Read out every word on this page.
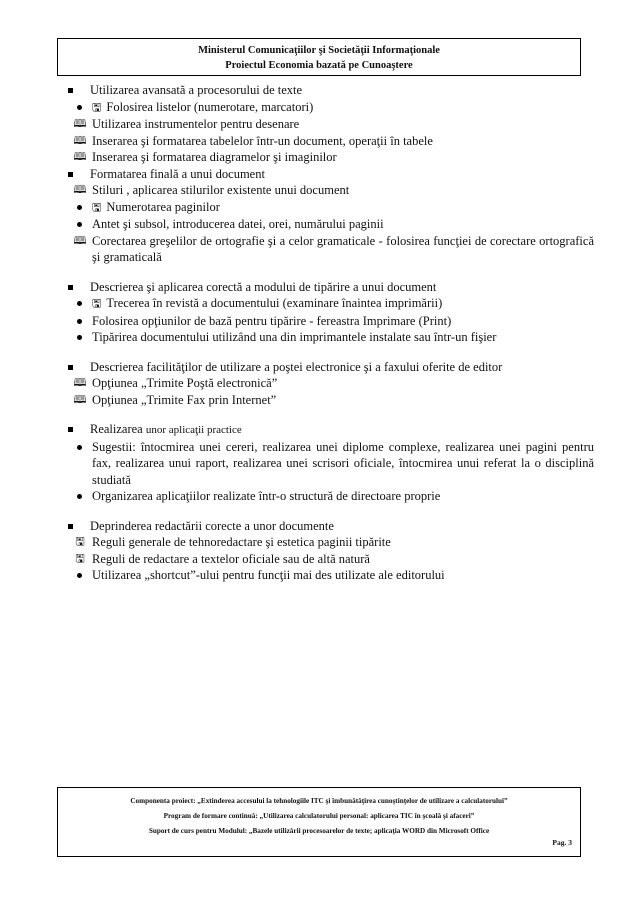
Ministerul Comunicaţiilor şi Societăţii Informaţionale
Proiectul Economia bazată pe Cunoaştere
Utilizarea avansată a procesorului de texte
🖫 Folosirea listelor (numerotare, marcatori)
🕮 Utilizarea instrumentelor pentru desenare
🕮 Inserarea şi formatarea tabelelor într-un document, operaţii în tabele
🕮 Inserarea şi formatarea diagramelor şi imaginilor
Formatarea finală a unui document
🕮 Stiluri , aplicarea stilurilor existente unui document
🖫 Numerotarea paginilor
Antet şi subsol, introducerea datei, orei, numărului paginii
🕮 Corectarea greşelilor de ortografie şi a celor gramaticale - folosirea funcţiei de corectare ortografică şi gramaticală
Descrierea şi aplicarea corectă a modului de tipărire a unui document
🖫 Trecerea în revistă a documentului (examinare înaintea imprimării)
Folosirea opţiunilor de bază pentru tipărire - fereastra Imprimare (Print)
Tipărirea documentului utilizând una din imprimantele instalate sau într-un fişier
Descrierea facilităţilor de utilizare a poştei electronice şi a faxului oferite de editor
🕮 Opţiunea „Trimite Poştă electronică”
🕮 Opţiunea „Trimite Fax prin Internet”
Realizarea unor aplicaţii practice
Sugestii: întocmirea unei cereri, realizarea unei diplome complexe, realizarea unei pagini pentru fax, realizarea unui raport, realizarea unei scrisori oficiale, întocmirea unui referat la o disciplină studiată
Organizarea aplicaţiilor realizate într-o structură de directoare proprie
Deprinderea redactării corecte a unor documente
🖫 Reguli generale de tehnoredactare şi estetica paginii tipărite
🖫 Reguli de redactare a textelor oficiale sau de altă natură
Utilizarea „shortcut”-ului pentru funcţii mai des utilizate ale editorului
Componenta proiect: „Extinderea accesului la tehnologiile ITC şi îmbunătăţirea cunoştinţelor de utilizare a calculatorului”
Program de formare continuă: „Utilizarea calculatorului personal: aplicarea TIC în şcoală şi afaceri”
Suport de curs pentru Modulul: „Bazele utilizării procesoarelor de texte; aplicaţia WORD din Microsoft Office
Pag. 3
